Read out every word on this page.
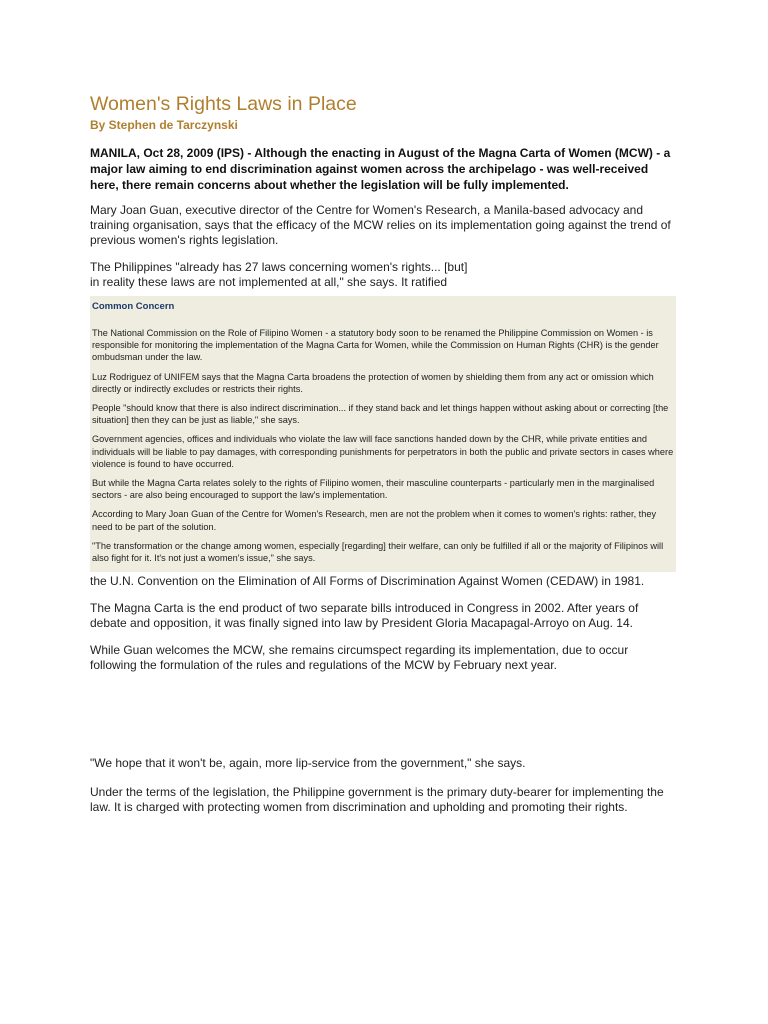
Women's Rights Laws in Place
By Stephen de Tarczynski

MANILA, Oct 28, 2009 (IPS) - Although the enacting in August of the Magna Carta of Women (MCW) - a major law aiming to end discrimination against women across the archipelago - was well-received here, there remain concerns about whether the legislation will be fully implemented.

Mary Joan Guan, executive director of the Centre for Women's Research, a Manila-based advocacy and training organisation, says that the efficacy of the MCW relies on its implementation going against the trend of previous women's rights legislation.

The Philippines "already has 27 laws concerning women's rights... [but]
in reality these laws are not implemented at all," she says. It ratified

Common Concern

The National Commission on the Role of Filipino Women - a statutory body soon to be renamed the Philippine Commission on Women - is responsible for monitoring the implementation of the Magna Carta for Women, while the Commission on Human Rights (CHR) is the gender ombudsman under the law.

Luz Rodriguez of UNIFEM says that the Magna Carta broadens the protection of women by shielding them from any act or omission which directly or indirectly excludes or restricts their rights.

People "should know that there is also indirect discrimination... if they stand back and let things happen without asking about or correcting [the situation] then they can be just as liable," she says.

Government agencies, offices and individuals who violate the law will face sanctions handed down by the CHR, while private entities and individuals will be liable to pay damages, with corresponding punishments for perpetrators in both the public and private sectors in cases where violence is found to have occurred.

But while the Magna Carta relates solely to the rights of Filipino women, their masculine counterparts - particularly men in the marginalised sectors - are also being encouraged to support the law's implementation.

According to Mary Joan Guan of the Centre for Women's Research, men are not the problem when it comes to women's rights: rather, they need to be part of the solution.

"The transformation or the change among women, especially [regarding] their welfare, can only be fulfilled if all or the majority of Filipinos will also fight for it. It's not just a women's issue," she says.

the U.N. Convention on the Elimination of All Forms of Discrimination Against Women (CEDAW) in 1981.

The Magna Carta is the end product of two separate bills introduced in Congress in 2002. After years of debate and opposition, it was finally signed into law by President Gloria Macapagal-Arroyo on Aug. 14.

While Guan welcomes the MCW, she remains circumspect regarding its implementation, due to occur following the formulation of the rules and regulations of the MCW by February next year.

"We hope that it won't be, again, more lip-service from the government," she says.

Under the terms of the legislation, the Philippine government is the primary duty-bearer for implementing the law. It is charged with protecting women from discrimination and upholding and promoting their rights.
